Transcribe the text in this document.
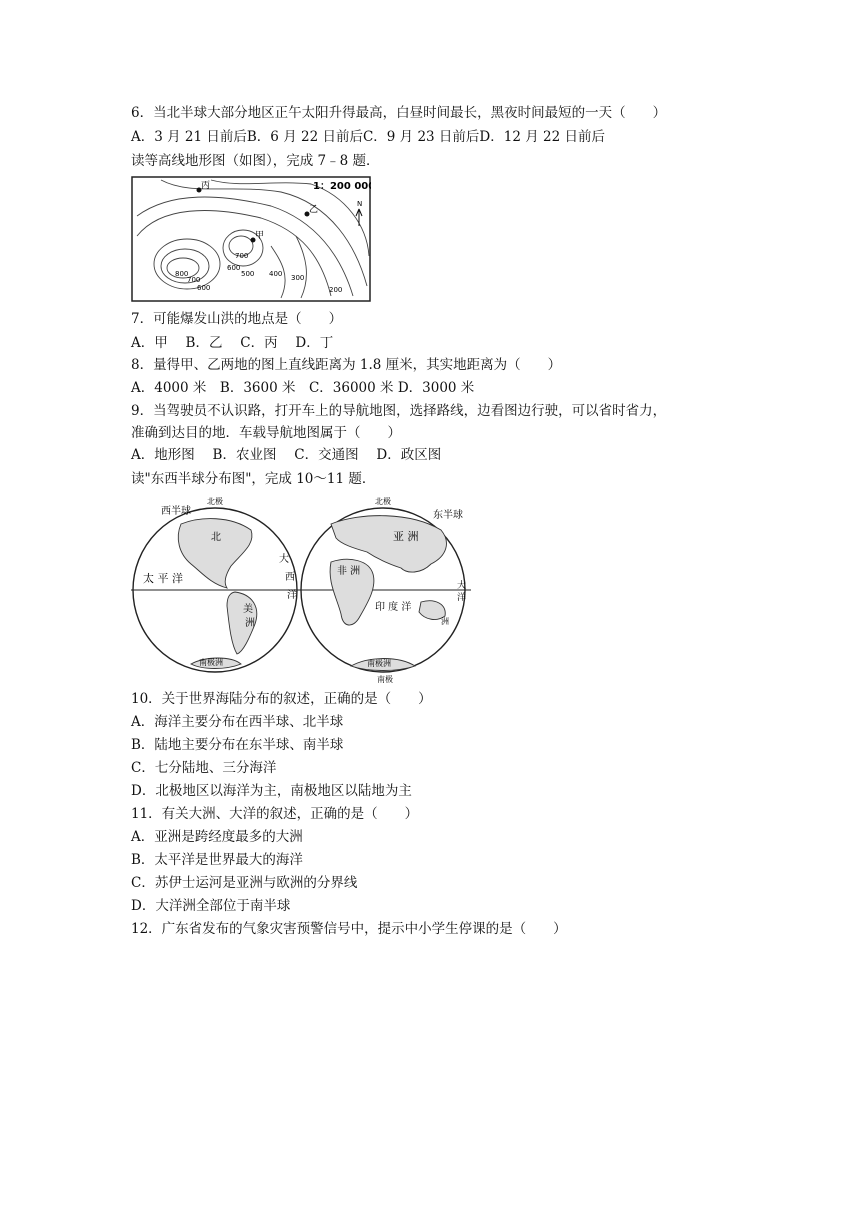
6．当北半球大部分地区正午太阳升得最高，白昼时间最长，黑夜时间最短的一天（　　）
A．3 月 21 日前后B．6 月 22 日前后C．9 月 23 日前后D．12 月 22 日前后
读等高线地形图（如图），完成 7﹣8 题．
丙
乙
甲
1：200 000
N
800
700
600
700
600
500 400 300
200
7．可能爆发山洪的地点是（　　）
A．甲　 B．乙　 C．丙　 D．丁
8．量得甲、乙两地的图上直线距离为 1.8 厘米，其实地距离为（　　）
A．4000 米　B．3600 米　C．36000 米 D．3000 米
9．当驾驶员不认识路，打开车上的导航地图，选择路线，边看图边行驶，可以省时省力，
准确到达目的地．车载导航地图属于（　　）
A．地形图　 B．农业图　 C．交通图　 D．政区图
读"东西半球分布图"，完成 10～11 题．
西半球	东半球
北极	北极
南极
北
太 平 洋
美
洲
大
西
洋
南极洲
亚 洲
非 洲
印 度 洋
大
洋
洲
南极洲
10．关于世界海陆分布的叙述，正确的是（　　）
A．海洋主要分布在西半球、北半球
B．陆地主要分布在东半球、南半球
C．七分陆地、三分海洋
D．北极地区以海洋为主，南极地区以陆地为主
11．有关大洲、大洋的叙述，正确的是（　　）
A．亚洲是跨经度最多的大洲
B．太平洋是世界最大的海洋
C．苏伊士运河是亚洲与欧洲的分界线
D．大洋洲全部位于南半球
12．广东省发布的气象灾害预警信号中，提示中小学生停课的是（　　）
